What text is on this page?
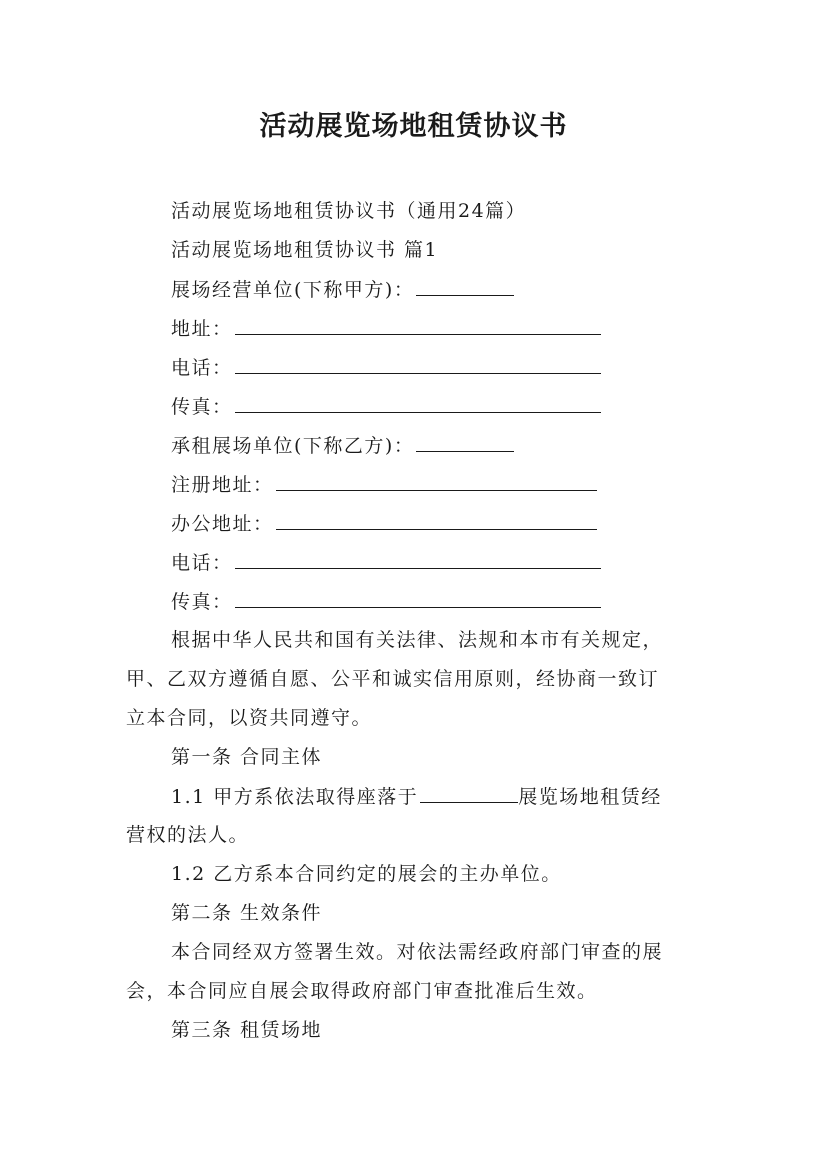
活动展览场地租赁协议书
活动展览场地租赁协议书（通用24篇）
活动展览场地租赁协议书 篇1
展场经营单位(下称甲方)：
地址：
电话：
传真：
承租展场单位(下称乙方)：
注册地址：
办公地址：
电话：
传真：
根据中华人民共和国有关法律、法规和本市有关规定，
甲、乙双方遵循自愿、公平和诚实信用原则，经协商一致订
立本合同，以资共同遵守。
第一条 合同主体
1.1 甲方系依法取得座落于	展览场地租赁经
营权的法人。
1.2 乙方系本合同约定的展会的主办单位。
第二条 生效条件
本合同经双方签署生效。对依法需经政府部门审查的展
会，本合同应自展会取得政府部门审查批准后生效。
第三条 租赁场地
